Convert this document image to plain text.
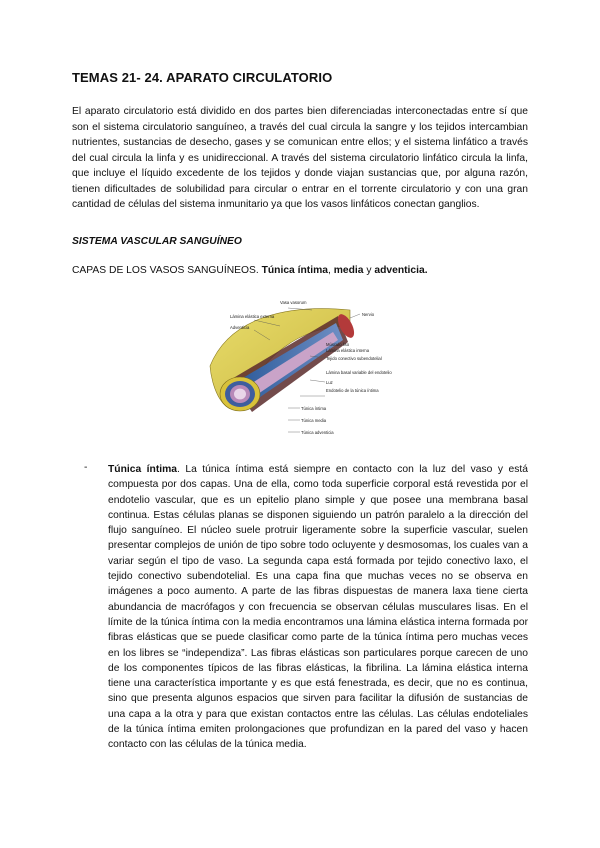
TEMAS 21- 24. APARATO CIRCULATORIO

El aparato circulatorio está dividido en dos partes bien diferenciadas interconectadas entre sí que son el sistema circulatorio sanguíneo, a través del cual circula la sangre y los tejidos intercambian nutrientes, sustancias de desecho, gases y se comunican entre ellos; y el sistema linfático a través del cual circula la linfa y es unidireccional. A través del sistema circulatorio linfático circula la linfa, que incluye el líquido excedente de los tejidos y donde viajan sustancias que, por alguna razón, tienen dificultades de solubilidad para circular o entrar en el torrente circulatorio y con una gran cantidad de células del sistema inmunitario ya que los vasos linfáticos conectan ganglios.

SISTEMA VASCULAR SANGUÍNEO
CAPAS DE LOS VASOS SANGUÍNEOS. Túnica íntima, media y adventicia.
Vasa vasorum
Lámina elástica externa
Adventicia
Nervio
Músculo liso
Lámina elástica interna
Tejido conectivo subendotelial
Lámina basal variable del endotelio
Luz
Endotelio de la túnica íntima
Túnica íntima
Túnica media
Túnica adventicia
- Túnica íntima. La túnica íntima está siempre en contacto con la luz del vaso y está compuesta por dos capas. Una de ella, como toda superficie corporal está revestida por el endotelio vascular, que es un epitelio plano simple y que posee una membrana basal continua. Estas células planas se disponen siguiendo un patrón paralelo a la dirección del flujo sanguíneo. El núcleo suele protruir ligeramente sobre la superficie vascular, suelen presentar complejos de unión de tipo sobre todo ocluyente y desmosomas, los cuales van a variar según el tipo de vaso. La segunda capa está formada por tejido conectivo laxo, el tejido conectivo subendotelial. Es una capa fina que muchas veces no se observa en imágenes a poco aumento. A parte de las fibras dispuestas de manera laxa tiene cierta abundancia de macrófagos y con frecuencia se observan células musculares lisas. En el límite de la túnica íntima con la media encontramos una lámina elástica interna formada por fibras elásticas que se puede clasificar como parte de la túnica íntima pero muchas veces en los libres se “independiza”. Las fibras elásticas son particulares porque carecen de uno de los componentes típicos de las fibras elásticas, la fibrilina. La lámina elástica interna tiene una característica importante y es que está fenestrada, es decir, que no es continua, sino que presenta algunos espacios que sirven para facilitar la difusión de sustancias de una capa a la otra y para que existan contactos entre las células. Las células endoteliales de la túnica íntima emiten prolongaciones que profundizan en la pared del vaso y hacen contacto con las células de la túnica media.
